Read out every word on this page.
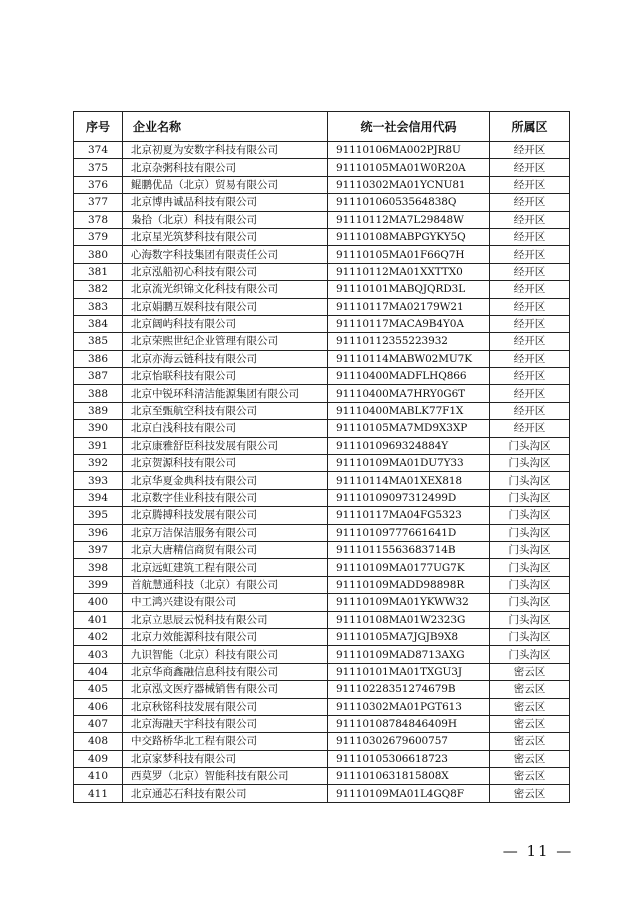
序号	企业名称	统一社会信用代码	所属区
374	北京初夏为安数字科技有限公司	91110106MA002PJR8U	经开区
375	北京杂粥科技有限公司	91110105MA01W0R20A	经开区
376	鲲鹏优品（北京）贸易有限公司	91110302MA01YCNU81	经开区
377	北京博冉诚品科技有限公司	91110106053564838Q	经开区
378	枭拾（北京）科技有限公司	91110112MA7L29848W	经开区
379	北京星光筑梦科技有限公司	91110108MABPGYKY5Q	经开区
380	心海数字科技集团有限责任公司	91110105MA01F66Q7H	经开区
381	北京泓船初心科技有限公司	91110112MA01XXTTX0	经开区
382	北京流光织锦文化科技有限公司	91110101MABQJQRD3L	经开区
383	北京娟鹏互娱科技有限公司	91110117MA02179W21	经开区
384	北京阔屿科技有限公司	91110117MACA9B4Y0A	经开区
385	北京荣熙世纪企业管理有限公司	91110112355223932	经开区
386	北京亦海云链科技有限公司	91110114MABW02MU7K	经开区
387	北京怡联科技有限公司	91110400MADFLHQ866	经开区
388	北京中锐环科清洁能源集团有限公司	91110400MA7HRY0G6T	经开区
389	北京至甄航空科技有限公司	91110400MABLK77F1X	经开区
390	北京白浅科技有限公司	91110105MA7MD9X3XP	经开区
391	北京康雅舒臣科技发展有限公司	9111010969324884Y	门头沟区
392	北京贺源科技有限公司	91110109MA01DU7Y33	门头沟区
393	北京华夏金典科技有限公司	91110114MA01XEX818	门头沟区
394	北京数字佳业科技有限公司	91110109097312499D	门头沟区
395	北京腾搏科技发展有限公司	91110117MA04FG5323	门头沟区
396	北京万洁保洁服务有限公司	91110109777661641D	门头沟区
397	北京大唐精信商贸有限公司	91110115563683714B	门头沟区
398	北京远虹建筑工程有限公司	91110109MA0177UG7K	门头沟区
399	首航慧通科技（北京）有限公司	91110109MADD98898R	门头沟区
400	中工鸿兴建设有限公司	91110109MA01YKWW32	门头沟区
401	北京立思辰云悦科技有限公司	91110108MA01W2323G	门头沟区
402	北京力效能源科技有限公司	91110105MA7JGJB9X8	门头沟区
403	九识智能（北京）科技有限公司	91110109MAD8713AXG	门头沟区
404	北京华商鑫融信息科技有限公司	91110101MA01TXGU3J	密云区
405	北京泓文医疗器械销售有限公司	91110228351274679B	密云区
406	北京秋铭科技发展有限公司	91110302MA01PGT613	密云区
407	北京海融天宇科技有限公司	91110108784846409H	密云区
408	中交路桥华北工程有限公司	91110302679600757	密云区
409	北京家梦科技有限公司	91110105306618723	密云区
410	西莫罗（北京）智能科技有限公司	9111010631815808X	密云区
411	北京通芯石科技有限公司	91110109MA01L4GQ8F	密云区
— 11 —
